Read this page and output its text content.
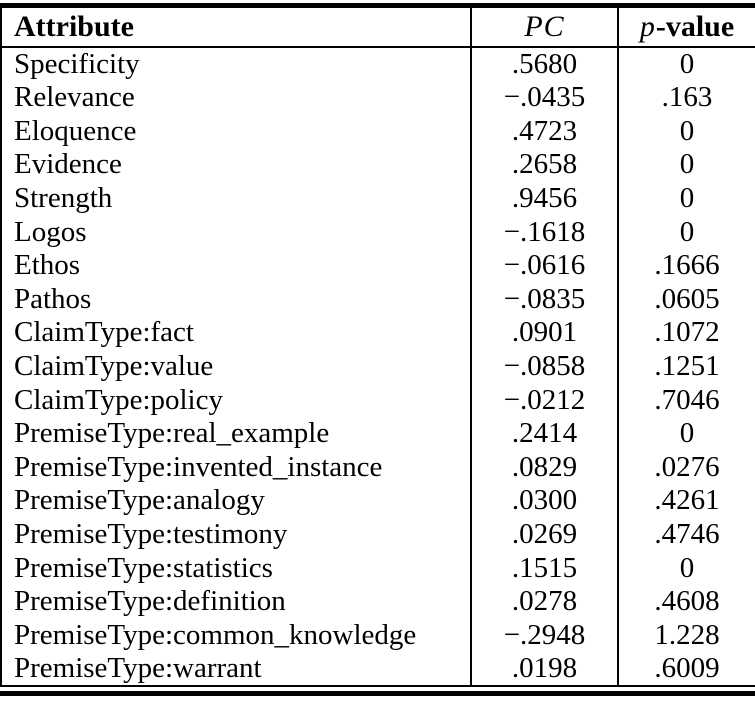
Attribute	PC	p-value
Specificity	.5680	0
Relevance	−.0435	.163
Eloquence	.4723	0
Evidence	.2658	0
Strength	.9456	0
Logos	−.1618	0
Ethos	−.0616	.1666
Pathos	−.0835	.0605
ClaimType:fact	.0901	.1072
ClaimType:value	−.0858	.1251
ClaimType:policy	−.0212	.7046
PremiseType:real_example	.2414	0
PremiseType:invented_instance	.0829	.0276
PremiseType:analogy	.0300	.4261
PremiseType:testimony	.0269	.4746
PremiseType:statistics	.1515	0
PremiseType:definition	.0278	.4608
PremiseType:common_knowledge	−.2948	1.228
PremiseType:warrant	.0198	.6009
